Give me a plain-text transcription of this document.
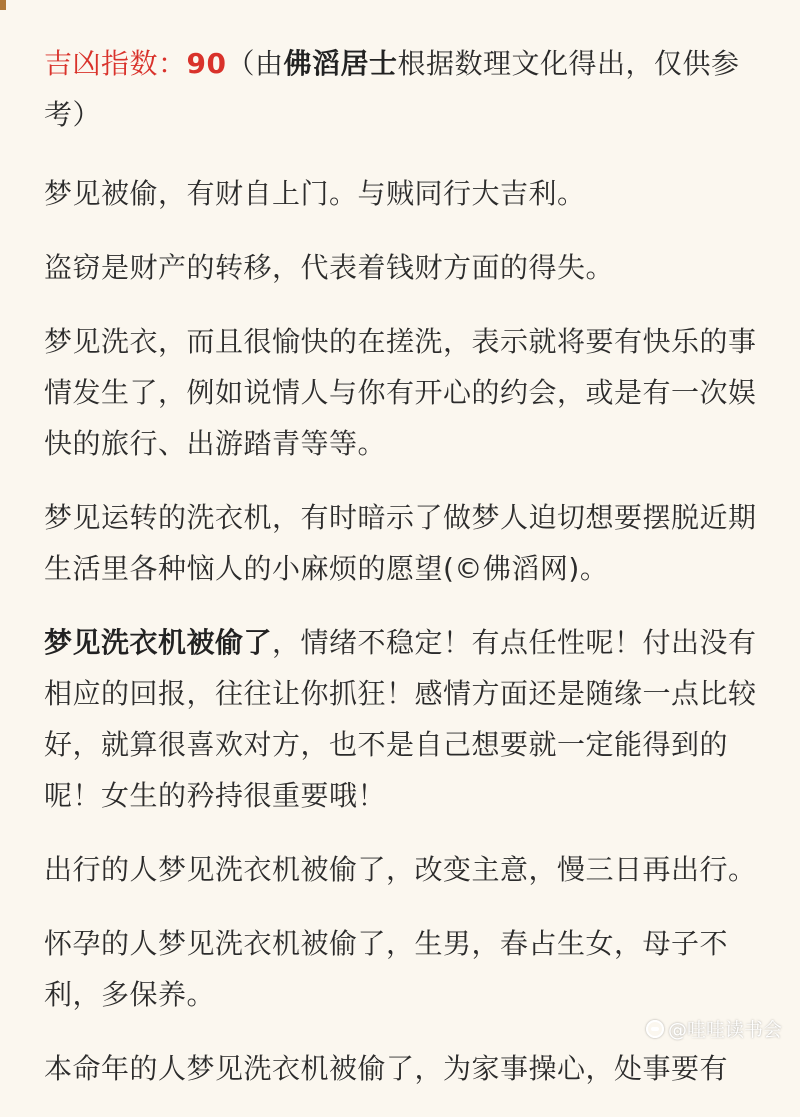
吉凶指数：90（由佛滔居士根据数理文化得出，仅供参考）

梦见被偷，有财自上门。与贼同行大吉利。

盗窃是财产的转移，代表着钱财方面的得失。

梦见洗衣，而且很愉快的在搓洗，表示就将要有快乐的事情发生了，例如说情人与你有开心的约会，或是有一次娱快的旅行、出游踏青等等。

梦见运转的洗衣机，有时暗示了做梦人迫切想要摆脱近期生活里各种恼人的小麻烦的愿望(©佛滔网)。

梦见洗衣机被偷了，情绪不稳定！有点任性呢！付出没有相应的回报，往往让你抓狂！感情方面还是随缘一点比较好，就算很喜欢对方，也不是自己想要就一定能得到的呢！女生的矜持很重要哦！

出行的人梦见洗衣机被偷了，改变主意，慢三日再出行。

怀孕的人梦见洗衣机被偷了，生男，春占生女，母子不利，多保养。

本命年的人梦见洗衣机被偷了，为家事操心，处事要有

@哇哇读书会
